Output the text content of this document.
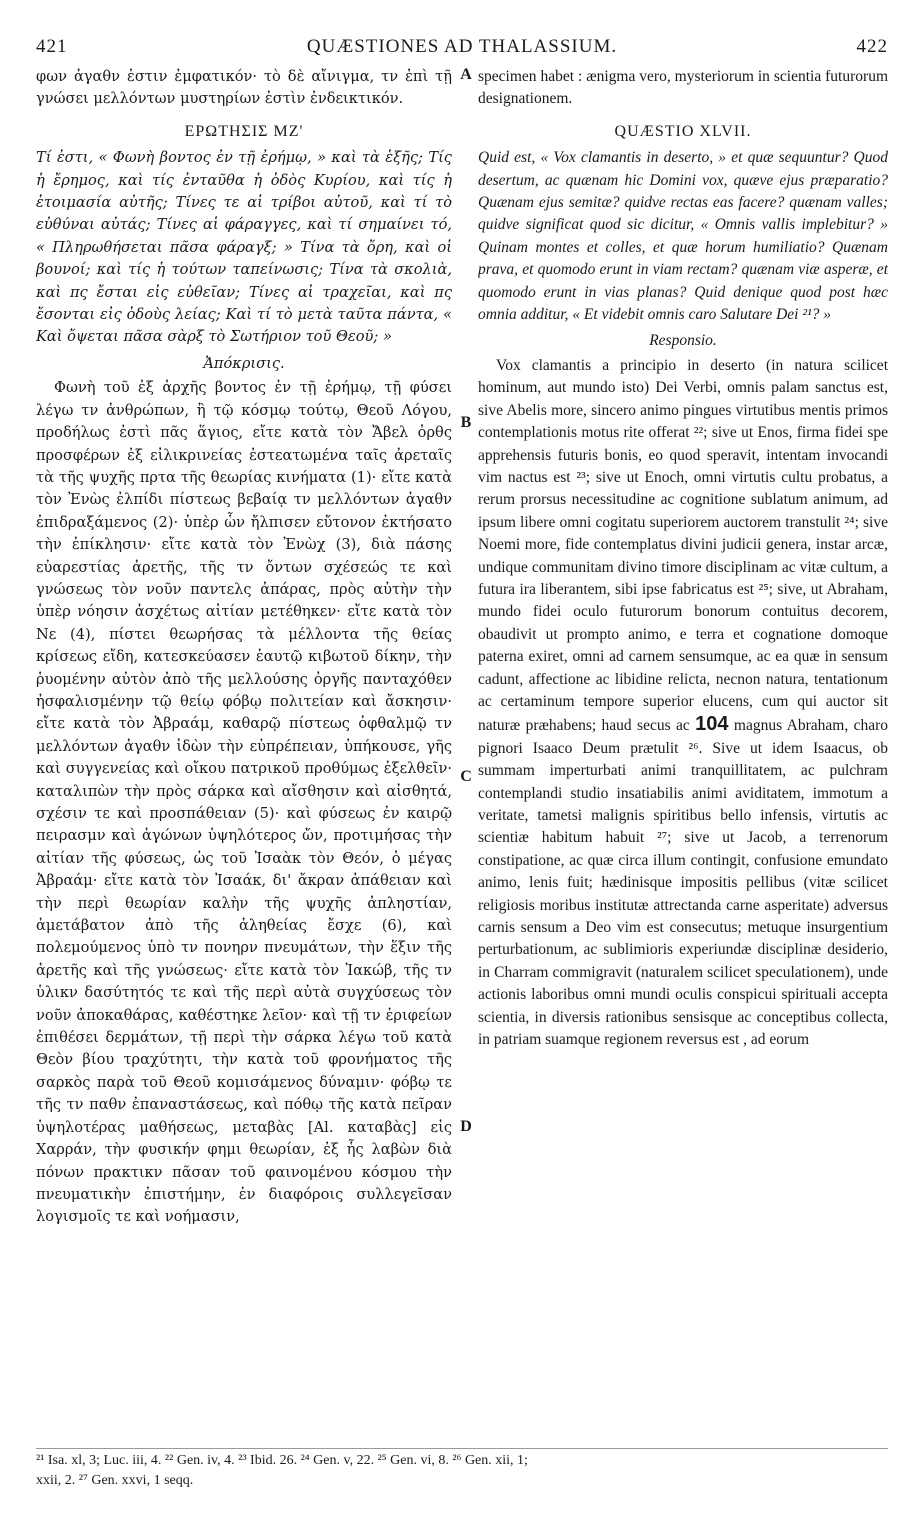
421	QUÆSTIONES AD THALASSIUM.	422
A
B
C
D

φων ἀγαθν ἐστιν ἐμφατικόν· τὸ δὲ αἴνιγμα, τν ἐπὶ τῇ γνώσει μελλόντων μυστηρίων ἐστὶν ἐνδεικτικόν.

ΕΡΩΤΗΣΙΣ ΜΖ'

Τί ἐστι, « Φωνὴ βοντος ἐν τῇ ἐρήμῳ, » καὶ τὰ ἑξῆς; Τίς ἡ ἔρημος, καὶ τίς ἐνταῦθα ἡ ὁδὸς Κυρίου, καὶ τίς ἡ ἑτοιμασία αὐτῆς; Τίνες τε αἱ τρίβοι αὐτοῦ, καὶ τί τὸ εὐθύναι αὐτάς; Τίνες αἱ φάραγγες, καὶ τί σημαίνει τό, « Πληρωθήσεται πᾶσα φάραγξ; » Τίνα τὰ ὄρη, καὶ οἱ βουνοί; καὶ τίς ἡ τούτων ταπείνωσις; Τίνα τὰ σκολιὰ, καὶ πς ἔσται εἰς εὐθεῖαν; Τίνες αἱ τραχεῖαι, καὶ πς ἔσονται εἰς ὁδοὺς λείας; Καὶ τί τὸ μετὰ ταῦτα πάντα, « Καὶ ὄψεται πᾶσα σὰρξ τὸ Σωτήριον τοῦ Θεοῦ; »

Ἀπόκρισις.

Φωνὴ τοῦ ἐξ ἀρχῆς βοντος ἐν τῇ ἐρήμῳ, τῇ φύσει λέγω τν ἀνθρώπων, ἢ τῷ κόσμῳ τούτῳ, Θεοῦ Λόγου, προδήλως ἐστὶ πᾶς ἅγιος, εἴτε κατὰ τὸν Ἄβελ ὀρθς προσφέρων ἐξ εἰλικρινείας ἐστεατωμένα ταῖς ἀρεταῖς τὰ τῆς ψυχῆς πρτα τῆς θεωρίας κινήματα (1)· εἴτε κατὰ τὸν Ἐνὼς ἐλπίδι πίστεως βεβαίᾳ τν μελλόντων ἀγαθν ἐπιδραξάμενος (2)· ὑπὲρ ὧν ἤλπισεν εὔτονον ἐκτήσατο τὴν ἐπίκλησιν· εἴτε κατὰ τὸν Ἐνὼχ (3), διὰ πάσης εὐαρεστίας ἀρετῆς, τῆς τν ὄντων σχέσεώς τε καὶ γνώσεως τὸν νοῦν παντελς ἀπάρας, πρὸς αὐτὴν τὴν ὑπὲρ νόησιν ἀσχέτως αἰτίαν μετέθηκεν· εἴτε κατὰ τὸν Νε (4), πίστει θεωρήσας τὰ μέλλοντα τῆς θείας κρίσεως εἴδη, κατεσκεύασεν ἑαυτῷ κιβωτοῦ δίκην, τὴν ῥυομένην αὐτὸν ἀπὸ τῆς μελλούσης ὀργῆς πανταχόθεν ἠσφαλισμένην τῷ θείῳ φόβῳ πολιτείαν καὶ ἄσκησιν· εἴτε κατὰ τὸν Ἀβραάμ, καθαρῷ πίστεως ὀφθαλμῷ τν μελλόντων ἀγαθν ἰδὼν τὴν εὐπρέπειαν, ὑπήκουσε, γῆς καὶ συγγενείας καὶ οἴκου πατρικοῦ προθύμως ἐξελθεῖν· καταλιπὼν τὴν πρὸς σάρκα καὶ αἴσθησιν καὶ αἰσθητά, σχέσιν τε καὶ προσπάθειαν (5)· καὶ φύσεως ἐν καιρῷ πειρασμν καὶ ἀγώνων ὑψηλότερος ὤν, προτιμήσας τὴν αἰτίαν τῆς φύσεως, ὡς τοῦ Ἰσαὰκ τὸν Θεόν, ὁ μέγας Ἀβραάμ· εἴτε κατὰ τὸν Ἰσαάκ, δι' ἄκραν ἀπάθειαν καὶ τὴν περὶ θεωρίαν καλὴν τῆς ψυχῆς ἀπληστίαν, ἀμετάβατον ἀπὸ τῆς ἀληθείας ἔσχε (6), καὶ πολεμούμενος ὑπὸ τν πονηρν πνευμάτων, τὴν ἕξιν τῆς ἀρετῆς καὶ τῆς γνώσεως· εἴτε κατὰ τὸν Ἰακώβ, τῆς τν ὑλικν δασύτητός τε καὶ τῆς περὶ αὐτὰ συγχύσεως τὸν νοῦν ἀποκαθάρας, καθέστηκε λεῖον· καὶ τῇ τν ἐριφείων ἐπιθέσει δερμάτων, τῇ περὶ τὴν σάρκα λέγω τοῦ κατὰ Θεὸν βίου τραχύτητι, τὴν κατὰ τοῦ φρονήματος τῆς σαρκὸς παρὰ τοῦ Θεοῦ κομισάμενος δύναμιν· φόβῳ τε τῆς τν παθν ἐπαναστάσεως, καὶ πόθῳ τῆς κατὰ πεῖραν ὑψηλοτέρας μαθήσεως, μεταβὰς [Al. καταβὰς] εἰς Χαρράν, τὴν φυσικήν φημι θεωρίαν, ἐξ ἧς λαβὼν διὰ πόνων πρακτικν πᾶσαν τοῦ φαινομένου κόσμου τὴν πνευματικὴν ἐπιστήμην, ἐν διαφόροις συλλεγεῖσαν λογισμοῖς τε καὶ νοήμασιν,

specimen habet : ænigma vero, mysteriorum in scientia futurorum designationem.

QUÆSTIO XLVII.

Quid est, « Vox clamantis in deserto, » et quæ sequuntur? Quod desertum, ac quænam hic Domini vox, quæve ejus præparatio? Quænam ejus semitæ? quidve rectas eas facere? quænam valles; quidve significat quod sic dicitur, « Omnis vallis implebitur? » Quinam montes et colles, et quæ horum humiliatio? Quænam prava, et quomodo erunt in viam rectam? quænam viæ asperæ, et quomodo erunt in vias planas? Quid denique quod post hæc omnia additur, « Et videbit omnis caro Salutare Dei ²¹? »

Responsio.

Vox clamantis a principio in deserto (in natura scilicet hominum, aut mundo isto) Dei Verbi, omnis palam sanctus est, sive Abelis more, sincero animo pingues virtutibus mentis primos contemplationis motus rite offerat ²²; sive ut Enos, firma fidei spe apprehensis futuris bonis, eo quod speravit, intentam invocandi vim nactus est ²³; sive ut Enoch, omni virtutis cultu probatus, a rerum prorsus necessitudine ac cognitione sublatum animum, ad ipsum libere omni cogitatu superiorem auctorem transtulit ²⁴; sive Noemi more, fide contemplatus divini judicii genera, instar arcæ, undique communitam divino timore disciplinam ac vitæ cultum, a futura ira liberantem, sibi ipse fabricatus est ²⁵; sive, ut Abraham, mundo fidei oculo futurorum bonorum contuitus decorem, obaudivit ut prompto animo, e terra et cognatione domoque paterna exiret, omni ad carnem sensumque, ac ea quæ in sensum cadunt, affectione ac libidine relicta, necnon natura, tentationum ac certaminum tempore superior elucens, cum qui auctor sit naturæ præhabens; haud secus ac 104 magnus Abraham, charo pignori Isaaco Deum prætulit ²⁶. Sive ut idem Isaacus, ob summam imperturbati animi tranquillitatem, ac pulchram contemplandi studio insatiabilis animi aviditatem, immotum a veritate, tametsi malignis spiritibus bello infensis, virtutis ac scientiæ habitum habuit ²⁷; sive ut Jacob, a terrenorum constipatione, ac quæ circa illum contingit, confusione emundato animo, lenis fuit; hædinisque impositis pellibus (vitæ scilicet religiosis moribus institutæ attrectanda carne asperitate) adversus carnis sensum a Deo vim est consecutus; metuque insurgentium perturbationum, ac sublimioris experiundæ disciplinæ desiderio, in Charram commigravit (naturalem scilicet speculationem), unde actionis laboribus omni mundi oculis conspicui spirituali accepta scientia, in diversis rationibus sensisque ac conceptibus collecta, in patriam suamque regionem reversus est , ad eorum

²¹ Isa. xl, 3; Luc. iii, 4. ²² Gen. iv, 4. ²³ Ibid. 26. ²⁴ Gen. v, 22. ²⁵ Gen. vi, 8. ²⁶ Gen. xii, 1;

xxii, 2. ²⁷ Gen. xxvi, 1 seqq.
